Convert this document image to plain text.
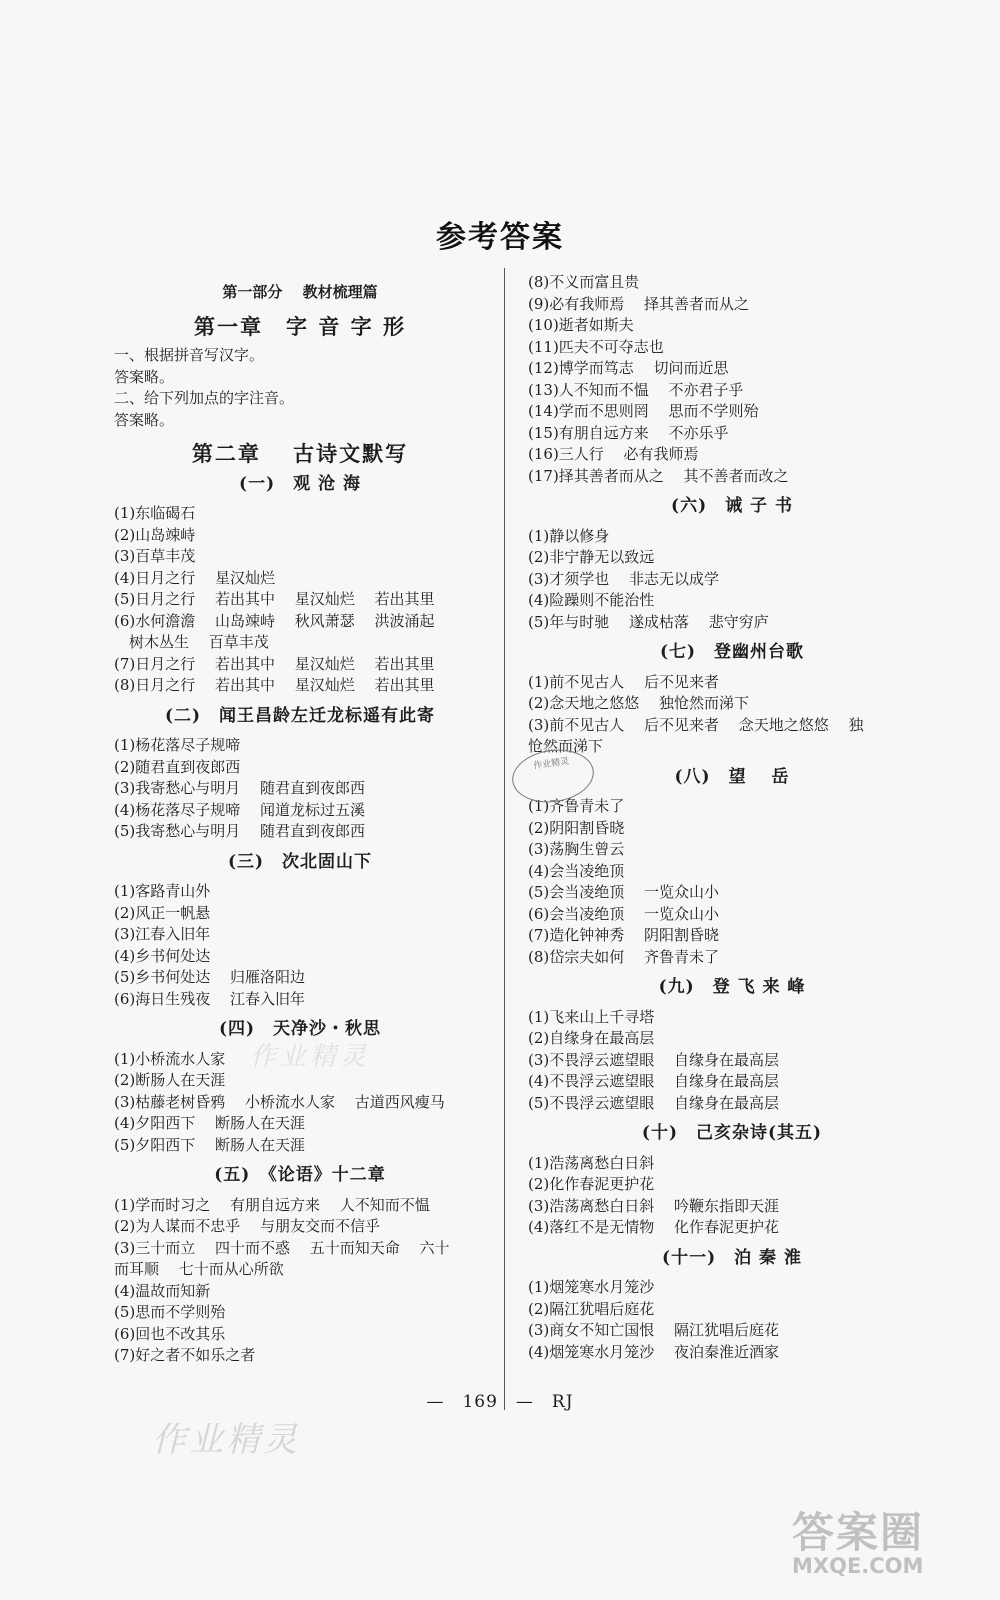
参考答案
第一部分　 教材梳理篇
第一章　字 音 字 形
一、根据拼音写汉字。
答案略。
二、给下列加点的字注音。
答案略。
第二章　 古诗文默写
(一)　观 沧 海
(1)东临碣石
(2)山岛竦峙
(3)百草丰茂
(4)日月之行　 星汉灿烂
(5)日月之行　 若出其中　 星汉灿烂　 若出其里
(6)水何澹澹　 山岛竦峙　 秋风萧瑟　 洪波涌起
　树木丛生　 百草丰茂
(7)日月之行　 若出其中　 星汉灿烂　 若出其里
(8)日月之行　 若出其中　 星汉灿烂　 若出其里
(二)　闻王昌龄左迁龙标遥有此寄
(1)杨花落尽子规啼
(2)随君直到夜郎西
(3)我寄愁心与明月　 随君直到夜郎西
(4)杨花落尽子规啼　 闻道龙标过五溪
(5)我寄愁心与明月　 随君直到夜郎西
(三)　次北固山下
(1)客路青山外
(2)风正一帆悬
(3)江春入旧年
(4)乡书何处达
(5)乡书何处达　 归雁洛阳边
(6)海日生残夜　 江春入旧年
(四)　天净沙・秋思
(1)小桥流水人家
(2)断肠人在天涯
(3)枯藤老树昏鸦　 小桥流水人家　 古道西风瘦马
(4)夕阳西下　 断肠人在天涯
(5)夕阳西下　 断肠人在天涯
(五)　《论语》十二章
(1)学而时习之　 有朋自远方来　 人不知而不愠
(2)为人谋而不忠乎　 与朋友交而不信乎
(3)三十而立　 四十而不惑　 五十而知天命　 六十
而耳顺　 七十而从心所欲
(4)温故而知新
(5)思而不学则殆
(6)回也不改其乐
(7)好之者不如乐之者
(8)不义而富且贵
(9)必有我师焉　 择其善者而从之
(10)逝者如斯夫
(11)匹夫不可夺志也
(12)博学而笃志　 切问而近思
(13)人不知而不愠　 不亦君子乎
(14)学而不思则罔　 思而不学则殆
(15)有朋自远方来　 不亦乐乎
(16)三人行　 必有我师焉
(17)择其善者而从之　 其不善者而改之
(六)　诫 子 书
(1)静以修身
(2)非宁静无以致远
(3)才须学也　 非志无以成学
(4)险躁则不能治性
(5)年与时驰　 遂成枯落　 悲守穷庐
(七)　登幽州台歌
(1)前不见古人　 后不见来者
(2)念天地之悠悠　 独怆然而涕下
(3)前不见古人　 后不见来者　 念天地之悠悠　 独
怆然而涕下
(八)　望　 岳
(1)齐鲁青未了
(2)阴阳割昏晓
(3)荡胸生曾云
(4)会当凌绝顶
(5)会当凌绝顶　 一览众山小
(6)会当凌绝顶　 一览众山小
(7)造化钟神秀　 阴阳割昏晓
(8)岱宗夫如何　 齐鲁青未了
(九)　登 飞 来 峰
(1)飞来山上千寻塔
(2)自缘身在最高层
(3)不畏浮云遮望眼　 自缘身在最高层
(4)不畏浮云遮望眼　 自缘身在最高层
(5)不畏浮云遮望眼　 自缘身在最高层
(十)　己亥杂诗(其五)
(1)浩荡离愁白日斜
(2)化作春泥更护花
(3)浩荡离愁白日斜　 吟鞭东指即天涯
(4)落红不是无情物　 化作春泥更护花
(十一)　泊 秦 淮
(1)烟笼寒水月笼沙
(2)隔江犹唱后庭花
(3)商女不知亡国恨　 隔江犹唱后庭花
(4)烟笼寒水月笼沙　 夜泊秦淮近酒家
作业精灵
作业精灵
作业精灵
—　169　—　RJ
答案圈
MXQE.COM
